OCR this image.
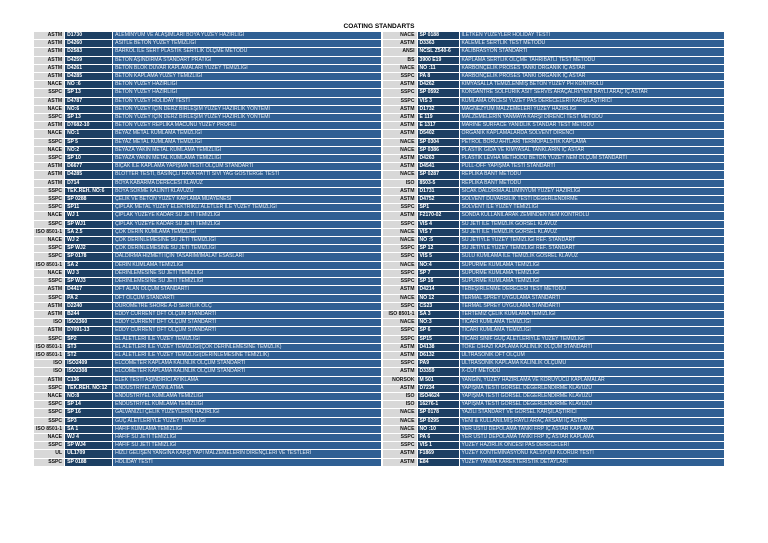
COATING STANDARTS
ASTM	D1730	ALEMINYUM VE ALAŞIMLARI BOYA YÜZEY HAZIRLIGI
ASTM	D4260	ASİTLE BETON YÜZEY TEMİZLİĞİ
ASTM	D2583	BARKOL İLE SERT PLASTİK SERTLİK ÖLÇME METODU
ASTM	D4259	BETON AŞINDIRMA STANDART PRATİĞİ
ASTM	D4261	BETON BLOK DUVAR KAPLAMALARI YÜZEY TEMİZLİĞİ
ASTM	D4285	BETON KAPLAMA YÜZEY TEMİZLİĞİ
NACE	NO :6	BETON YÜZEY HAZIRLIĞI
SSPC	SP 13	BETON YÜZEY HAZIRLIĞI
ASTM	D4787	BETON YÜZEY HOLIDAY TESTİ
NACE	NO:6	BETON YÜZEY İÇİN DERZ BİRLEŞİM YÜZEY HAZIRLIK YÖNTEMİ
SSPC	SP 13	BETON YÜZEY İÇİN DERZ BİRLEŞİM YÜZEY HAZIRLIK YÖNTEMİ
ASTM	D7682-10	BETON YÜZEY REPLİKA MACUNU YÜZEY PROFİLİ
NACE	NO:1	BEYAZ METAL KUMLAMA TEMİZLİĞİ
SSPC	SP 5	BEYAZ METAL KUMLAMA TEMİZLİĞİ
NACE	NO:2	BEYAZA YAKIN METAL KUMLAMA TEMİZLİĞİ
SSPC	SP 10	BEYAZA YAKIN METAL KUMLAMA TEMİZLİĞİ
ASTM	D6677	BIÇAK İLE KAPLAMA YAPIŞMA TESTİ ÖLÇÜM STANDARTI
ASTM	D4285	BLOTTER TESTİ, BASINÇLI HAVA HATTI SIVI YAĞ GÖSTERGE TESTİ
ASTM	D714	BOYA KABARMA DERECESİ KLAVUZ
SSPC	TEK.REH. NO:6	BOYA SÖKME KALINTI KLAVUZU
SSPC	SP 0288	ÇELİK VE BETON YÜZEY KAPLAMA MUAYENESİ
SSPC	SP11	ÇIPLAK METAL YÜZEY ELEKTRİKLİ ALETLER İLE YÜZEY TEMİZLİĞİ
NACE	WJ 1	ÇIPLAK YÜZEYE KADAR SU JETİ TEMİZLİĞİ
SSPC	SP WJ1	ÇIPLAK YÜZEYE KADAR SU JETİ TEMİZLİĞİ
ISO 8501-1	SA 2.5	ÇOK DERİN KUMLAMA TEMİZLİĞİ
NACE	WJ 2	ÇOK DERİNLEMESİNE SU JETİ TEMİZLİĞİ
SSPC	SP WJ2	ÇOK DERİNLEMESİNE SU JETİ TEMİZLİĞİ
SSPC	SP 0178	DALDIRMA HİZMETİ İÇİN TASARIM/İMALAT ESASLARI
ISO 8501-1	SA 2	DERİN KUMLAMA TEMİZLİĞİ
NACE	WJ 3	DERİNLEMESİNE SU JETİ TEMİZLİĞİ
SSPC	SP WJ3	DERİNLEMESİNE SU JETİ TEMİZLİĞİ
ASTM	D4417	DFT ALAN ÖLÇÜM STANDARTI
SSPC	PA 2	DFT ÖLÇÜM STANDARTI
ASTM	D2240	DUROMETRE SHORE A-D SERTLİK ÖLÇ
ASTM	B244	EDDY CURRENT DFT ÖLÇÜM STANDARTI
ISO	ISO2360	EDDY CURRENT DFT ÖLÇÜM STANDARTI
ASTM	D7091-13	EDDY CURRENT DFT ÖLÇÜM STANDARTI
SSPC	SP2	EL ALETLERİ İLE YÜZEY TEMİZLİĞİ
ISO 8501-1	ST3	EL ALETLERİ İLE YÜZEY TEMİZLİĞİ(ÇOK DERİNLEMESİNE TEMİZLİK)
ISO 8501-1	ST2	EL ALETLERİ İLE YÜZEY TEMİZLİĞİ(DERİNLEMESİNE TEMİZLİK)
ISO	ISO2409	ELCOMETER KAPLAMA KALINLIK ÖLÇÜM STANDARTI
ISO	ISO2308	ELCOMETER KAPLAMA KALINLIK ÖLÇÜM STANDARTI
ASTM	C136	ELEK TESTİ AŞINDIRICI AYIKLAMA
SSPC	TEK.REH. NO:12	ENDÜSTRİYEL AYDINLATMA
NACE	NO:8	ENDÜSTRİYEL KUMLAMA TEMİZLİĞİ
SSPC	SP 14	ENDÜSTRİYEL KUMLAMA TEMİZLİĞİ
SSPC	SP 16	GALVANİZLİ ÇELİK YÜZEYLERİN HAZIRLIGI
SSPC	SP3	GÜÇ ALETLERİYLE YÜZEY TEMİZLİĞİ
ISO 8501-1	SA 1	HAFİF KUMLAMA TEMİZLİĞİ
NACE	WJ 4	HAFİF SU JETİ TEMİZLİĞİ
SSPC	SP WJ4	HAFİF SU JETİ TEMİZLİĞİ
UL	UL1709	HIZLI GELİŞEN YANGINA KARŞI YAPI MALZEMELERİN DİRENÇLERİ VE TESTLERİ
SSPC	SP 0188	HOLIDAY TESTİ
NACE	SP 0188	İLETKEN YÜZEYLER HOLIDAY TESTİ
ASTM	D3363	KALEMLE SERTLIK TEST METODU
ANSI	NCSL Z540-6	KALİBRASYON STANDARTI
BS	3900 E19	KAPLAMA SERTLIK ÖLÇME TAHRİBATLI TEST METODU
NACE	NO :11	KARBONÇELİK PROSES TANKI ORGANİK İÇ ASTAR
SSPC	PA 8	KARBONÇELİK PROSES TANKI ORGANİK İÇ ASTAR
ASTM	D4262	KİMYASALLA TEMİZLENMİŞ BETON YÜZEY PH KONTROLÜ
SSPC	SP 0592	KONSANTRE SOLFÜRİK ASİT SERVİS ARAÇALRI/YENİ RAYLI ARAÇ İÇ ASTAR
SSPC	VIS 3	KUMLAMA ÖNCESİ YÜZEY PAS DERECELERİ KARŞILAŞTIRICI
ASTM	D1732	MAGNEZYUM MALZEMELERİ YÜZEY HAZIRLIGI
ASTM	E 119	MALZEMELERİN YANMAYA KARŞI DİRENCİ TEST METODU
ASTM	E 1317	MARİNE SURFACE YANIDLIK STANDAR TEST METODU
ASTM	D5402	ORGANİK KAPLAMALARDA SOLVENT DİRENCİ
NACE	SP 0304	PETROL BORU AHTLARI TERMOPALSTİK KAPLAMA
NACE	SP 0386	PLASTİK GIDA VE KİMYASAL TANKLARIN İÇ ASTAR
ASTM	D4263	PLASTİK LEVHA METHODU BETON YÜZEY NEM ÖLÇÜM STANDARTI
ASTM	D4541	PULL-OFF YAPIŞMA TESTİ STANDARTI
NACE	SP 0287	REPLİKA BANT METODU
ISO	8503-5	REPLİKA BANT METODU
ASTM	D1731	SICAK DALDIRMA ALUMİNYUM YÜZEY HAZIRLIGI
ASTM	D4752	SOLVENT DUVARSILIK TESTİ DEĞERLENDİRME
SSPC	SP1	SOLVENT İLE YÜZEY TEMİZLİĞİ
ASTM	F2170-02	SONDA KULLANILARAK ZEMİNDEN NEM KONTROLU
SSPC	VIS 4	SU JETİ İLE TEMİZLİK GÖRSEL KLAVUZ
NACE	VIS 7	SU JETİ İLE TEMİZLİK GÖRSEL KLAVUZ
NACE	NO :5	SU JETİYLE YÜZEY TEMİZLİĞİ REF. STANDART
SSPC	SP 12	SU JETİYLE YÜZEY TEMİZLİĞİ REF. STANDART
SSPC	VIS 5	SULU KUMLAMA İLE TEMİZLİK GÖSREL KLAVUZ
NACE	NO:4	SÜPÜRME KUMLAMA TEMİZLİĞİ
SSPC	SP 7	SÜPÜRME KUMLAMA TEMİZLİĞİ
SSPC	SP 16	SÜPÜRME KUMLAMA TEMİZLİĞİ
ASTM	D4214	TEBEŞİRLENME DERECESİ TEST METODU
NACE	NO 12	TERMAL SPREY UYGULAMA STANDARTI
SSPC	CS23	TERMAL SPREY UYGULAMA STANDARTI
ISO 8501-1	SA 3	TERTEMİZ ÇELİK KUMLAMA TEMİZLİĞİ
NACE	NO:3	TİCARİ KUMLAMA TEMİZLİĞİ
SSPC	SP 6	TİCARİ KUMLAMA TEMİZLİĞİ
SSPC	SP15	TİCARİ SINIF GÜÇ ALETLERİYLE YÜZEY TEMİZLİĞİ
ASTM	D4138	TOKE CİHAZI KAPLAMA KALINLIK ÖLÇÜM STANDARTI
ASTM	D6132	ULTRASONİK DFT ÖLÇÜM
SSPC	PA9	ULTRASONİK KAPLAMA KALINLIK ÖLÇÜMÜ
ASTM	D3359	X-CUT METODU
NORSOK	M 501	YANGIN, YÜZEY HAZIRLAMA VE KORUYUCU KAPLAMALAR
ASTM	D7234	YAPIŞMA TESTİ GÖRSEL DEĞERLENDİRME KLAVUZU
ISO	ISO4624	YAPIŞMA TESTİ GÖRSEL DEĞERLENDİRME KLAVUZU
ISO	16276-1	YAPIŞMA TESTİ GÖRSEL DEĞERLENDİRME KLAVUZU
NACE	SP 0178	YAZILI STANDART VE GÖRSEL KARŞILAŞTIRICI
NACE	SP 0295	YENİ & KULLANILMIŞ RAYLI ARAÇ AKSAM İÇ ASTAR
NACE	NO :10	YER ÜSTÜ DEPOLAMA TANKI FRP İÇ ASTAR KAPLAMA
SSPC	PA 6	YER ÜSTÜ DEPOLAMA TANKI FRP İÇ ASTAR KAPLAMA
SSPC	VIS 1	YÜZEY HAZIRLIK ÖNCESİ PAS DERECELERİ
ASTM	F1869	YÜZEY KONTEMİNASYONU KALSİYUM KLORÜR TESTİ
ASTM	E84	YÜZEY YANMA KAREKTERİSTİK DETAYLARI
